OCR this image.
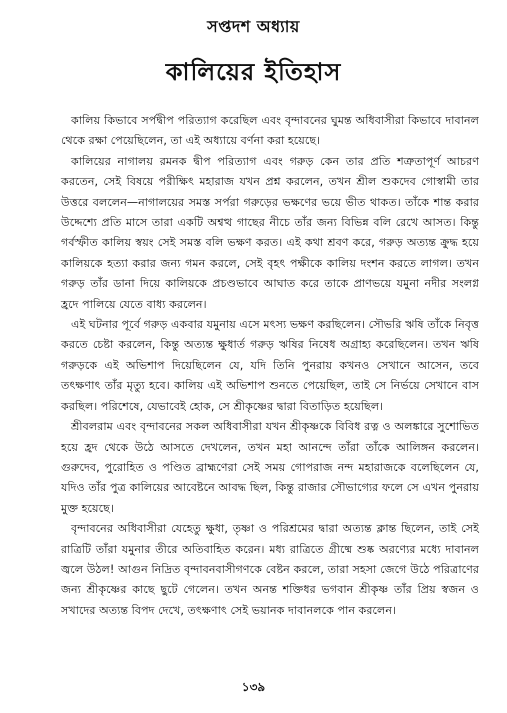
সপ্তদশ অধ্যায়
কালিয়ের ইতিহাস

কালিয় কিভাবে সর্পদ্বীপ পরিত্যাগ করেছিল এবং বৃন্দাবনের ঘুমন্ত অধিবাসীরা কিভাবে দাবানল থেকে রক্ষা পেয়েছিলেন, তা এই অধ্যায়ে বর্ণনা করা হয়েছে।

কালিয়ের নাগালয় রমনক দ্বীপ পরিত্যাগ এবং গরুড় কেন তার প্রতি শত্রুতাপূর্ণ আচরণ করতেন, সেই বিষয়ে পরীক্ষিৎ মহারাজ যখন প্রশ্ন করলেন, তখন শ্রীল শুকদেব গোস্বামী তার উত্তরে বললেন—নাগালয়ের সমস্ত সর্পরা গরুড়ের ভক্ষণের ভয়ে ভীত থাকত। তাঁকে শান্ত করার উদ্দেশ্যে প্রতি মাসে তারা একটি অশ্বত্থ গাছের নীচে তাঁর জন্য বিভিন্ন বলি রেখে আসত। কিন্তু গর্বস্ফীত কালিয় স্বয়ং সেই সমস্ত বলি ভক্ষণ করত। এই কথা শ্রবণ করে, গরুড় অত্যন্ত ক্রুদ্ধ হয়ে কালিয়কে হত্যা করার জন্য গমন করলে, সেই বৃহৎ পক্ষীকে কালিয় দংশন করতে লাগল। তখন গরুড় তাঁর ডানা দিয়ে কালিয়কে প্রচণ্ডভাবে আঘাত করে তাকে প্রাণভয়ে যমুনা নদীর সংলগ্ন হ্রদে পালিয়ে যেতে বাধ্য করলেন।

এই ঘটনার পূর্বে গরুড় একবার যমুনায় এসে মৎস্য ভক্ষণ করছিলেন। সৌভরি ঋষি তাঁকে নিবৃত্ত করতে চেষ্টা করলেন, কিন্তু অত্যন্ত ক্ষুধার্ত গরুড় ঋষির নিষেধ অগ্রাহ্য করেছিলেন। তখন ঋষি গরুড়কে এই অভিশাপ দিয়েছিলেন যে, যদি তিনি পুনরায় কখনও সেখানে আসেন, তবে তৎক্ষণাৎ তাঁর মৃত্যু হবে। কালিয় এই অভিশাপ শুনতে পেয়েছিল, তাই সে নির্ভয়ে সেখানে বাস করছিল। পরিশেষে, যেভাবেই হোক, সে শ্রীকৃষ্ণের দ্বারা বিতাড়িত হয়েছিল।

শ্রীবলরাম এবং বৃন্দাবনের সকল অধিবাসীরা যখন শ্রীকৃষ্ণকে বিবিধ রত্ন ও অলঙ্কারে সুশোভিত হয়ে হ্রদ থেকে উঠে আসতে দেখলেন, তখন মহা আনন্দে তাঁরা তাঁকে আলিঙ্গন করলেন। গুরুদেব, পুরোহিত ও পণ্ডিত ব্রাহ্মণেরা সেই সময় গোপরাজ নন্দ মহারাজকে বলেছিলেন যে, যদিও তাঁর পুত্র কালিয়ের আবেষ্টনে আবদ্ধ ছিল, কিন্তু রাজার সৌভাগ্যের ফলে সে এখন পুনরায় মুক্ত হয়েছে।

বৃন্দাবনের অধিবাসীরা যেহেতু ক্ষুধা, তৃষ্ণা ও পরিশ্রমের দ্বারা অত্যন্ত ক্লান্ত ছিলেন, তাই সেই রাত্রিটি তাঁরা যমুনার তীরে অতিবাহিত করেন। মধ্য রাত্রিতে গ্রীষ্মে শুষ্ক অরণ্যের মধ্যে দাবানল জ্বলে উঠল! আগুন নিদ্রিত বৃন্দাবনবাসীগণকে বেষ্টন করলে, তারা সহসা জেগে উঠে পরিত্রাণের জন্য শ্রীকৃষ্ণের কাছে ছুটে গেলেন। তখন অনন্ত শক্তিধর ভগবান শ্রীকৃষ্ণ তাঁর প্রিয় স্বজন ও সখাদের অত্যন্ত বিপদ দেখে, তৎক্ষণাৎ সেই ভয়ানক দাবানলকে পান করলেন।

১৩৯
